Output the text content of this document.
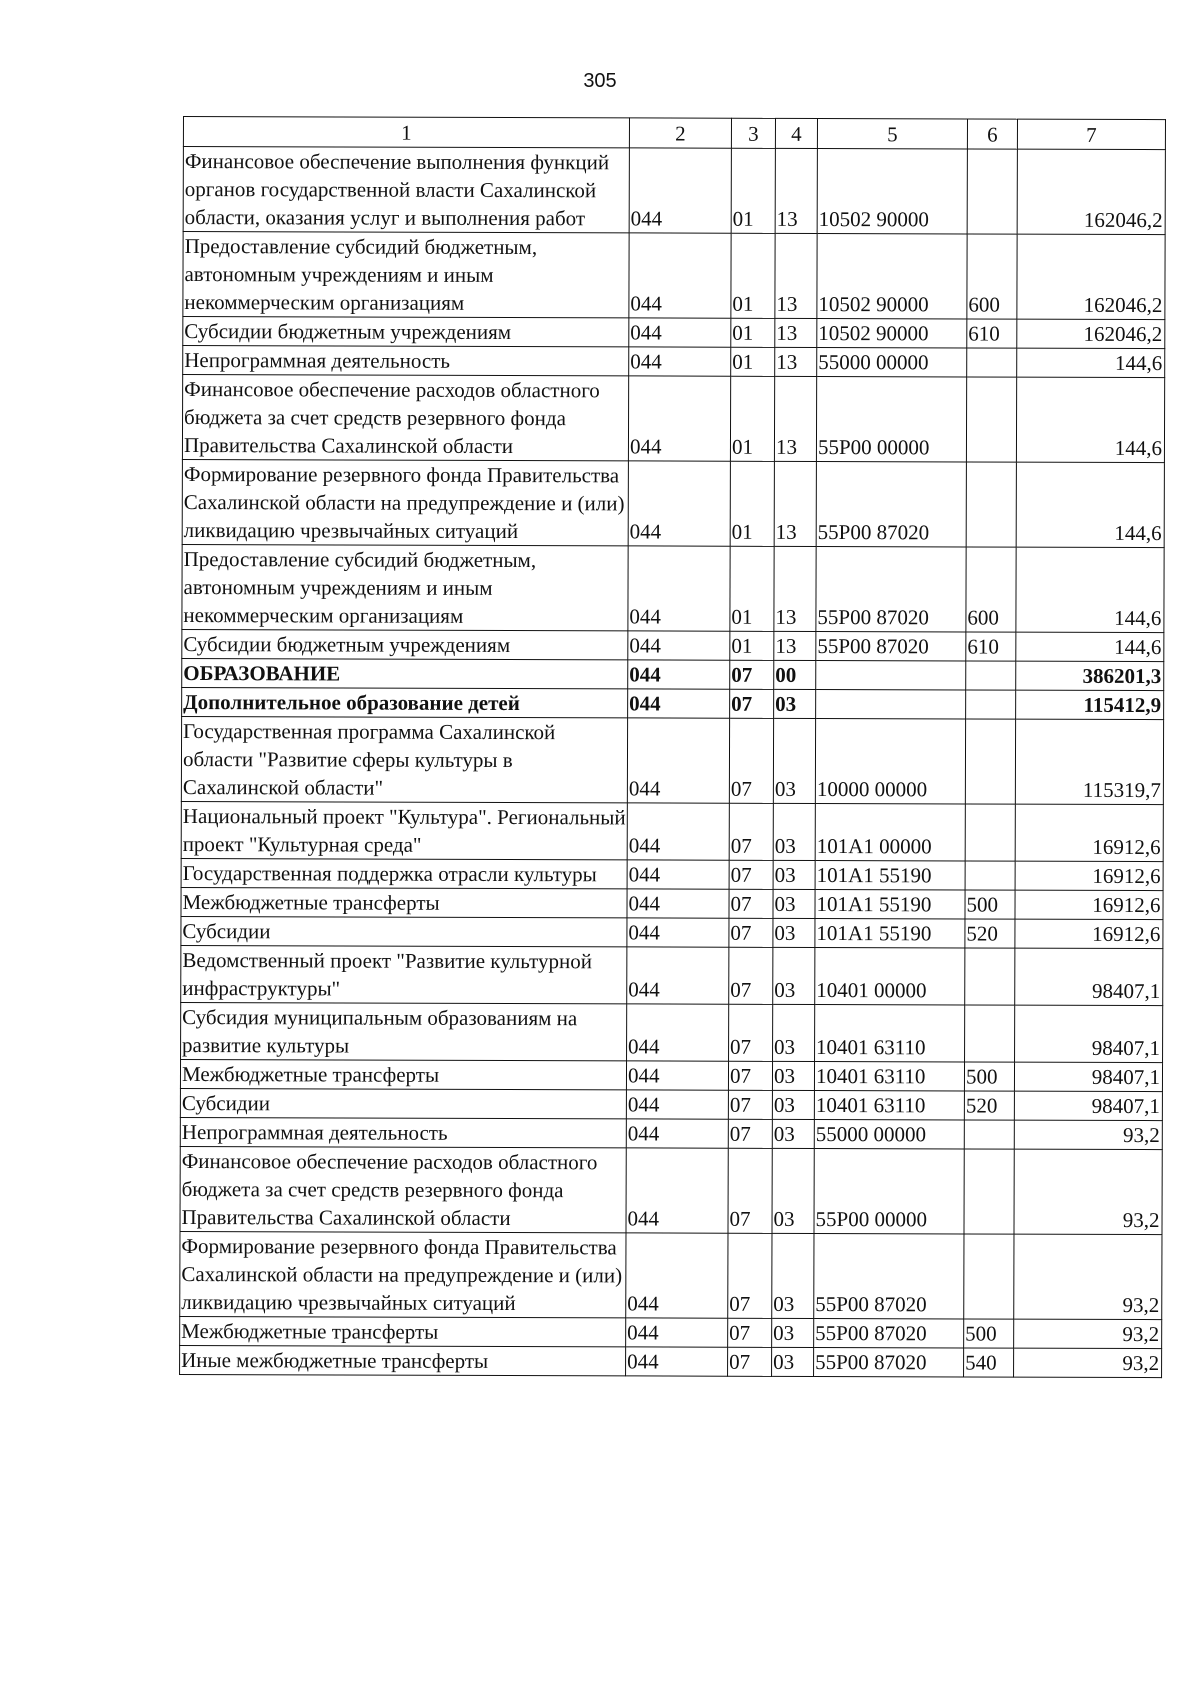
305
1	2	3	4	5	6	7
Финансовое обеспечение выполнения функций органов государственной власти Сахалинской области, оказания услуг и выполнения работ	044	01	13	10502 90000		162046,2
Предоставление субсидий бюджетным, автономным учреждениям и иным некоммерческим организациям	044	01	13	10502 90000	600	162046,2
Субсидии бюджетным учреждениям	044	01	13	10502 90000	610	162046,2
Непрограммная деятельность	044	01	13	55000 00000		144,6
Финансовое обеспечение расходов областного бюджета за счет средств резервного фонда Правительства Сахалинской области	044	01	13	55Р00 00000		144,6
Формирование резервного фонда Правительства Сахалинской области на предупреждение и (или) ликвидацию чрезвычайных ситуаций	044	01	13	55Р00 87020		144,6
Предоставление субсидий бюджетным, автономным учреждениям и иным некоммерческим организациям	044	01	13	55Р00 87020	600	144,6
Субсидии бюджетным учреждениям	044	01	13	55Р00 87020	610	144,6
ОБРАЗОВАНИЕ	044	07	00			386201,3
Дополнительное образование детей	044	07	03			115412,9
Государственная программа Сахалинской области "Развитие сферы культуры в Сахалинской области"	044	07	03	10000 00000		115319,7
Национальный проект "Культура". Региональный проект "Культурная среда"	044	07	03	101А1 00000		16912,6
Государственная поддержка отрасли культуры	044	07	03	101А1 55190		16912,6
Межбюджетные трансферты	044	07	03	101А1 55190	500	16912,6
Субсидии	044	07	03	101А1 55190	520	16912,6
Ведомственный проект "Развитие культурной инфраструктуры"	044	07	03	10401 00000		98407,1
Субсидия муниципальным образованиям на развитие культуры	044	07	03	10401 63110		98407,1
Межбюджетные трансферты	044	07	03	10401 63110	500	98407,1
Субсидии	044	07	03	10401 63110	520	98407,1
Непрограммная деятельность	044	07	03	55000 00000		93,2
Финансовое обеспечение расходов областного бюджета за счет средств резервного фонда Правительства Сахалинской области	044	07	03	55Р00 00000		93,2
Формирование резервного фонда Правительства Сахалинской области на предупреждение и (или) ликвидацию чрезвычайных ситуаций	044	07	03	55Р00 87020		93,2
Межбюджетные трансферты	044	07	03	55Р00 87020	500	93,2
Иные межбюджетные трансферты	044	07	03	55Р00 87020	540	93,2
